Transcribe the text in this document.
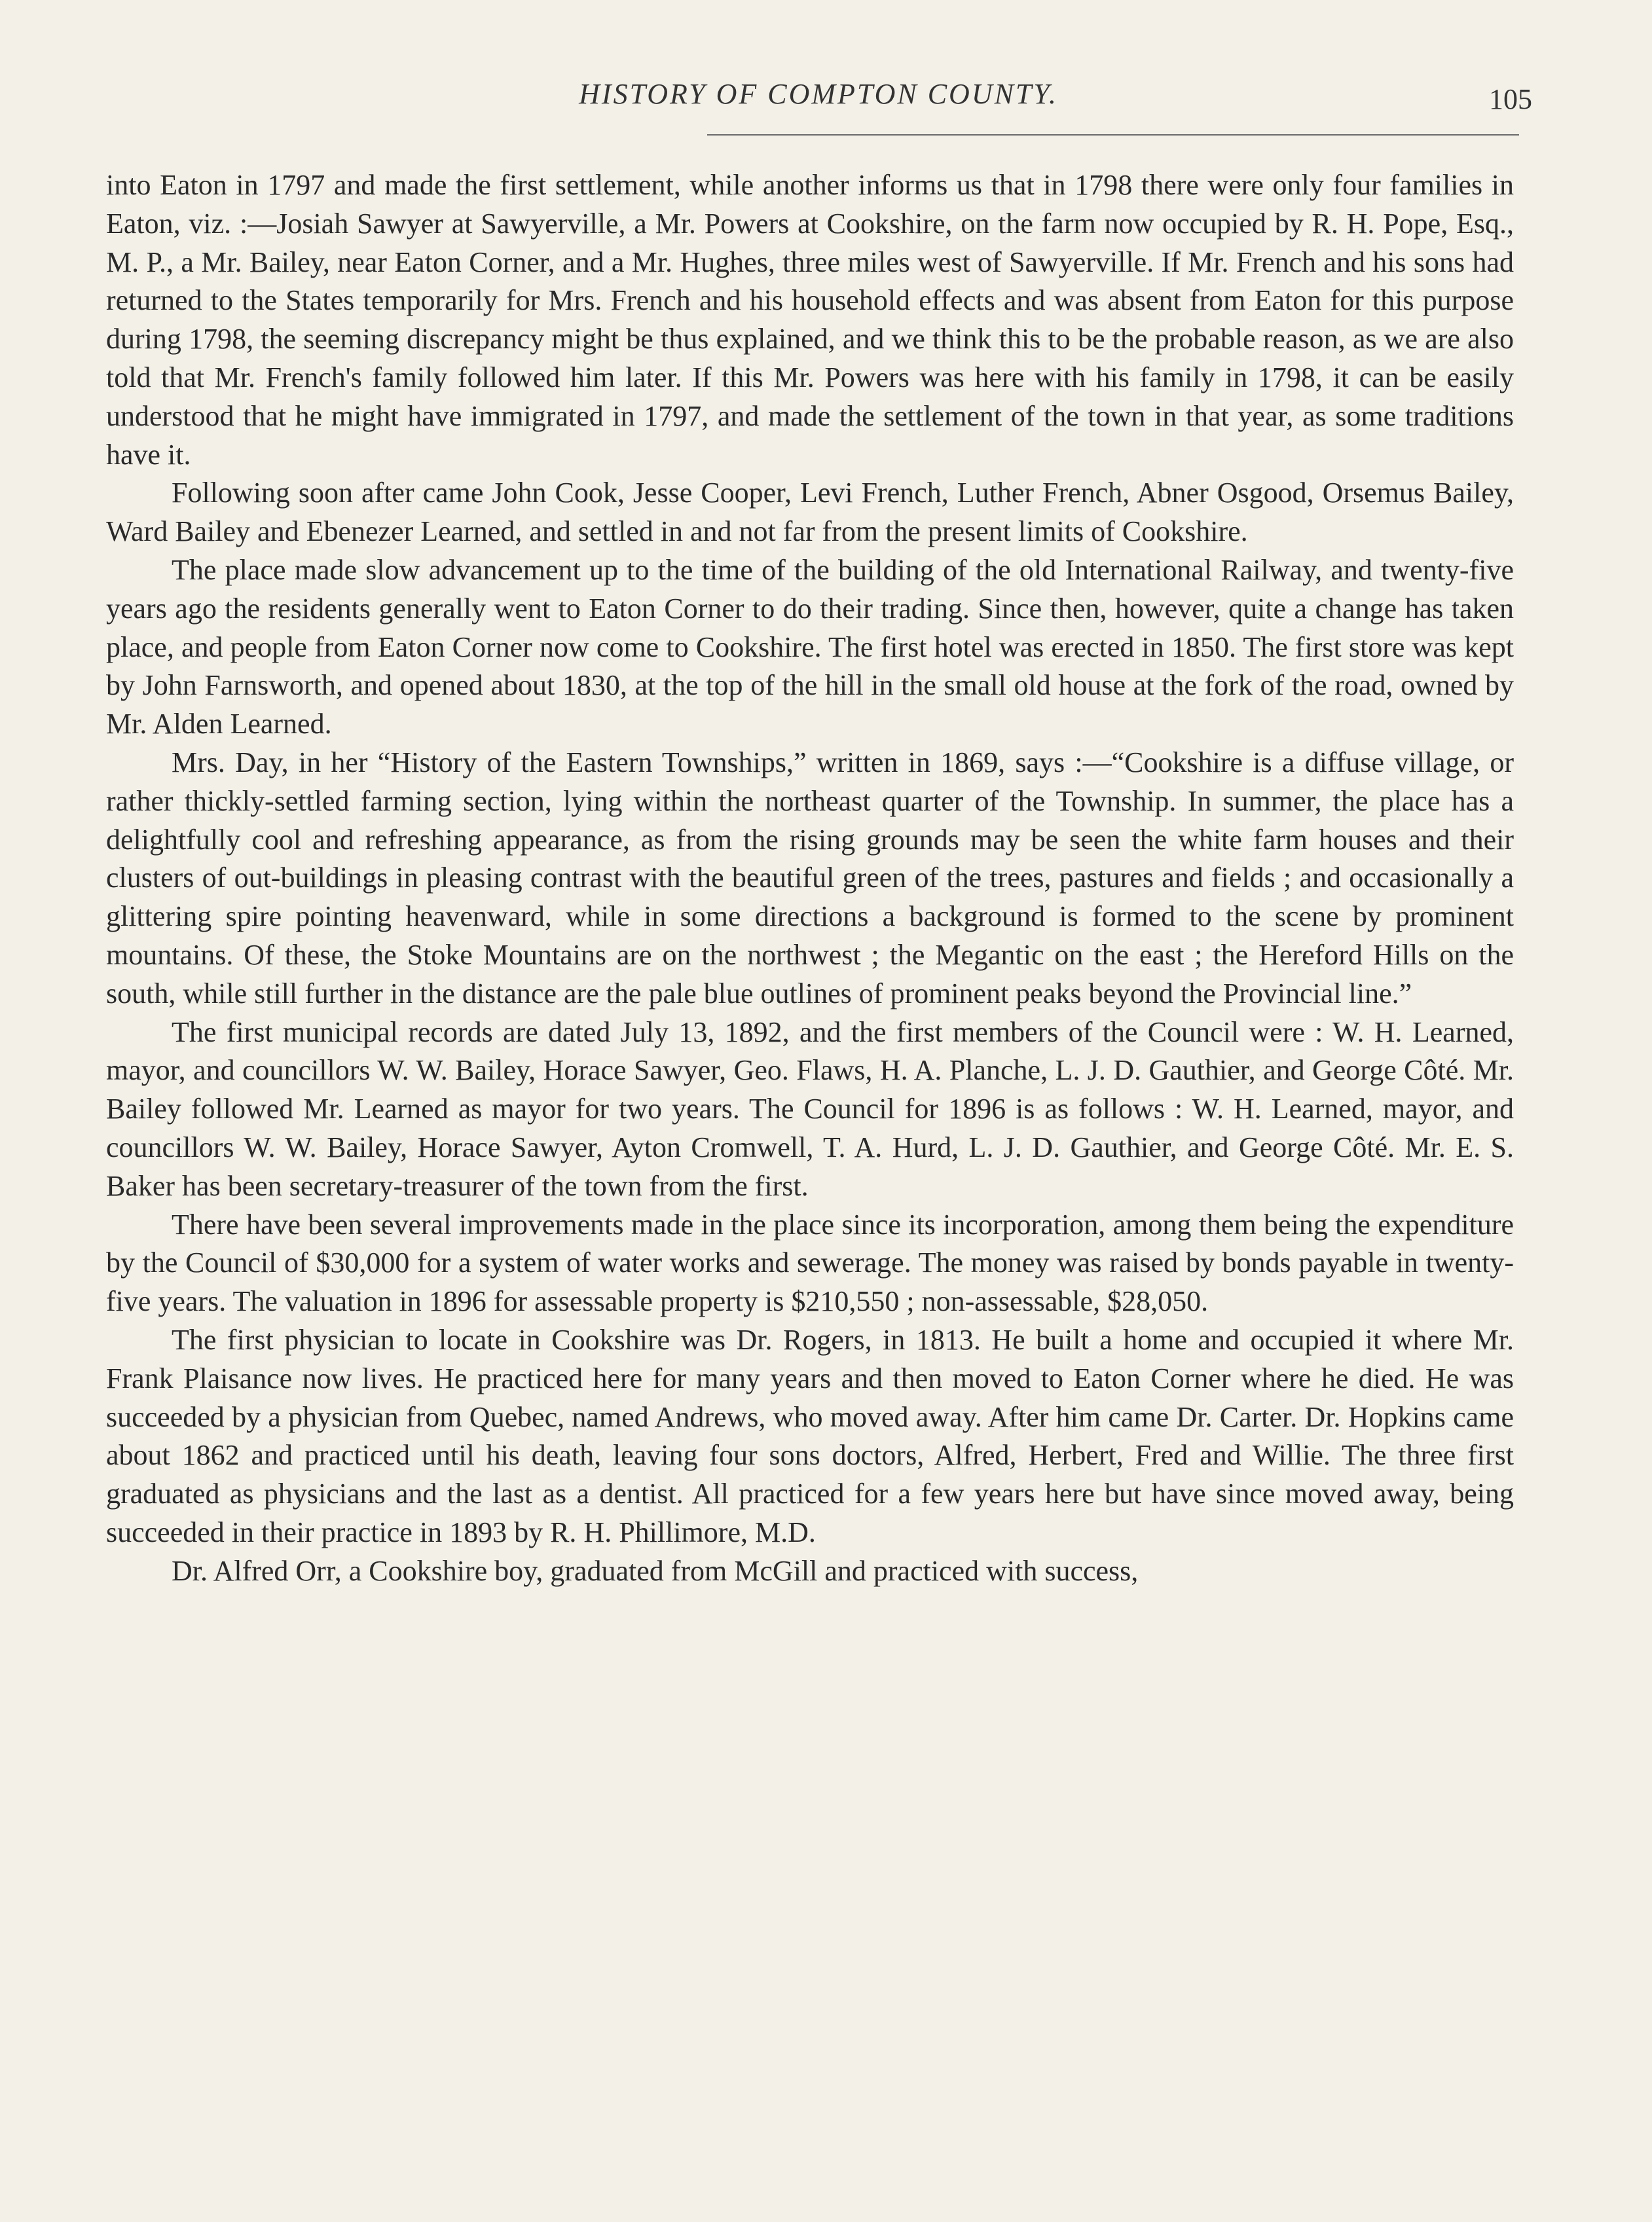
HISTORY OF COMPTON COUNTY.	105

into Eaton in 1797 and made the first settlement, while another informs us that in 1798 there were only four families in Eaton, viz. :—Josiah Sawyer at Sawyerville, a Mr. Powers at Cookshire, on the farm now occupied by R. H. Pope, Esq., M. P., a Mr. Bailey, near Eaton Corner, and a Mr. Hughes, three miles west of Sawyerville. If Mr. French and his sons had returned to the States temporarily for Mrs. French and his household effects and was absent from Eaton for this purpose during 1798, the seeming discrepancy might be thus explained, and we think this to be the probable reason, as we are also told that Mr. French's family followed him later. If this Mr. Powers was here with his family in 1798, it can be easily understood that he might have immigrated in 1797, and made the settlement of the town in that year, as some traditions have it.

Following soon after came John Cook, Jesse Cooper, Levi French, Luther French, Abner Osgood, Orsemus Bailey, Ward Bailey and Ebenezer Learned, and settled in and not far from the present limits of Cookshire.

The place made slow advancement up to the time of the building of the old International Railway, and twenty-five years ago the residents generally went to Eaton Corner to do their trading. Since then, however, quite a change has taken place, and people from Eaton Corner now come to Cookshire. The first hotel was erected in 1850. The first store was kept by John Farnsworth, and opened about 1830, at the top of the hill in the small old house at the fork of the road, owned by Mr. Alden Learned.

Mrs. Day, in her “History of the Eastern Townships,” written in 1869, says :—“Cookshire is a diffuse village, or rather thickly-settled farming section, lying within the northeast quarter of the Township. In summer, the place has a delightfully cool and refreshing appearance, as from the rising grounds may be seen the white farm houses and their clusters of out-buildings in pleasing contrast with the beautiful green of the trees, pastures and fields ; and occasionally a glittering spire pointing heavenward, while in some directions a background is formed to the scene by prominent mountains. Of these, the Stoke Mountains are on the northwest ; the Megantic on the east ; the Hereford Hills on the south, while still further in the distance are the pale blue outlines of prominent peaks beyond the Provincial line.”

The first municipal records are dated July 13, 1892, and the first members of the Council were : W. H. Learned, mayor, and councillors W. W. Bailey, Horace Sawyer, Geo. Flaws, H. A. Planche, L. J. D. Gauthier, and George Côté. Mr. Bailey followed Mr. Learned as mayor for two years. The Council for 1896 is as follows : W. H. Learned, mayor, and councillors W. W. Bailey, Horace Sawyer, Ayton Cromwell, T. A. Hurd, L. J. D. Gauthier, and George Côté. Mr. E. S. Baker has been secretary-treasurer of the town from the first.

There have been several improvements made in the place since its incorporation, among them being the expenditure by the Council of $30,000 for a system of water works and sewerage. The money was raised by bonds payable in twenty-five years. The valuation in 1896 for assessable property is $210,550 ; non-assessable, $28,050.

The first physician to locate in Cookshire was Dr. Rogers, in 1813. He built a home and occupied it where Mr. Frank Plaisance now lives. He practiced here for many years and then moved to Eaton Corner where he died. He was succeeded by a physician from Quebec, named Andrews, who moved away. After him came Dr. Carter. Dr. Hopkins came about 1862 and practiced until his death, leaving four sons doctors, Alfred, Herbert, Fred and Willie. The three first graduated as physicians and the last as a dentist. All practiced for a few years here but have since moved away, being succeeded in their practice in 1893 by R. H. Phillimore, M.D.

Dr. Alfred Orr, a Cookshire boy, graduated from McGill and practiced with success,
